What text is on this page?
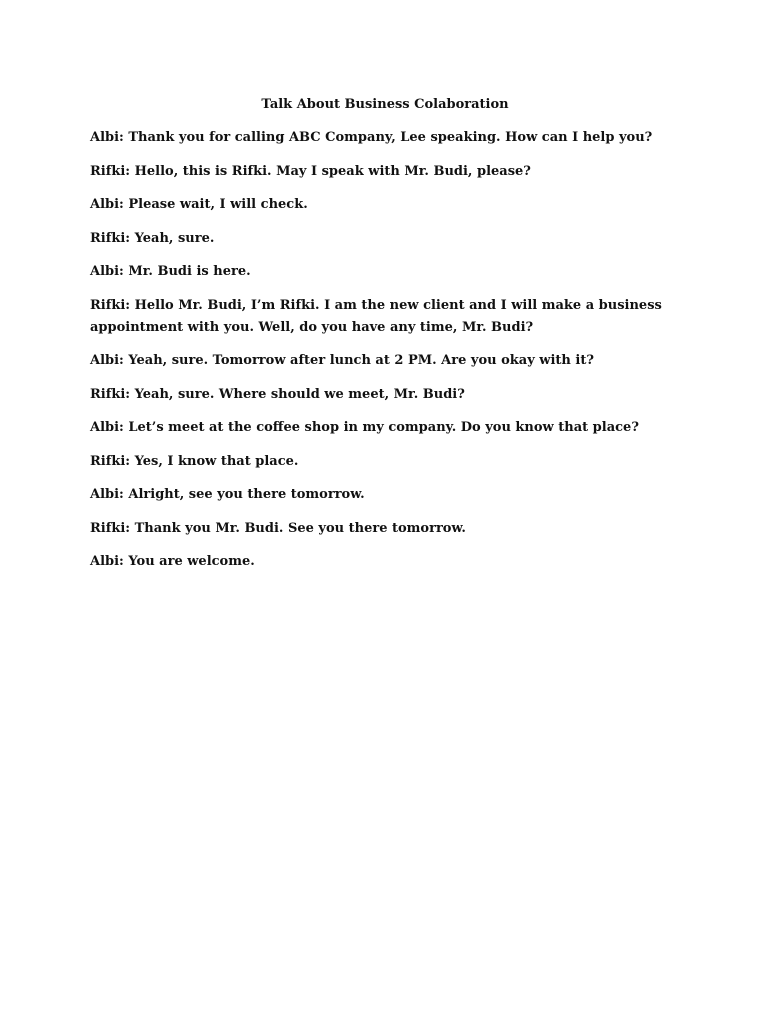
Talk About Business Colaboration
Albi: Thank you for calling ABC Company, Lee speaking. How can I help you?
Rifki: Hello, this is Rifki. May I speak with Mr. Budi, please?
Albi: Please wait, I will check.
Rifki: Yeah, sure.
Albi: Mr. Budi is here.
Rifki: Hello Mr. Budi, I’m Rifki. I am the new client and I will make a business appointment with you. Well, do you have any time, Mr. Budi?
Albi: Yeah, sure. Tomorrow after lunch at 2 PM. Are you okay with it?
Rifki: Yeah, sure. Where should we meet, Mr. Budi?
Albi: Let’s meet at the coffee shop in my company. Do you know that place?
Rifki: Yes, I know that place.
Albi: Alright, see you there tomorrow.
Rifki: Thank you Mr. Budi. See you there tomorrow.
Albi: You are welcome.
